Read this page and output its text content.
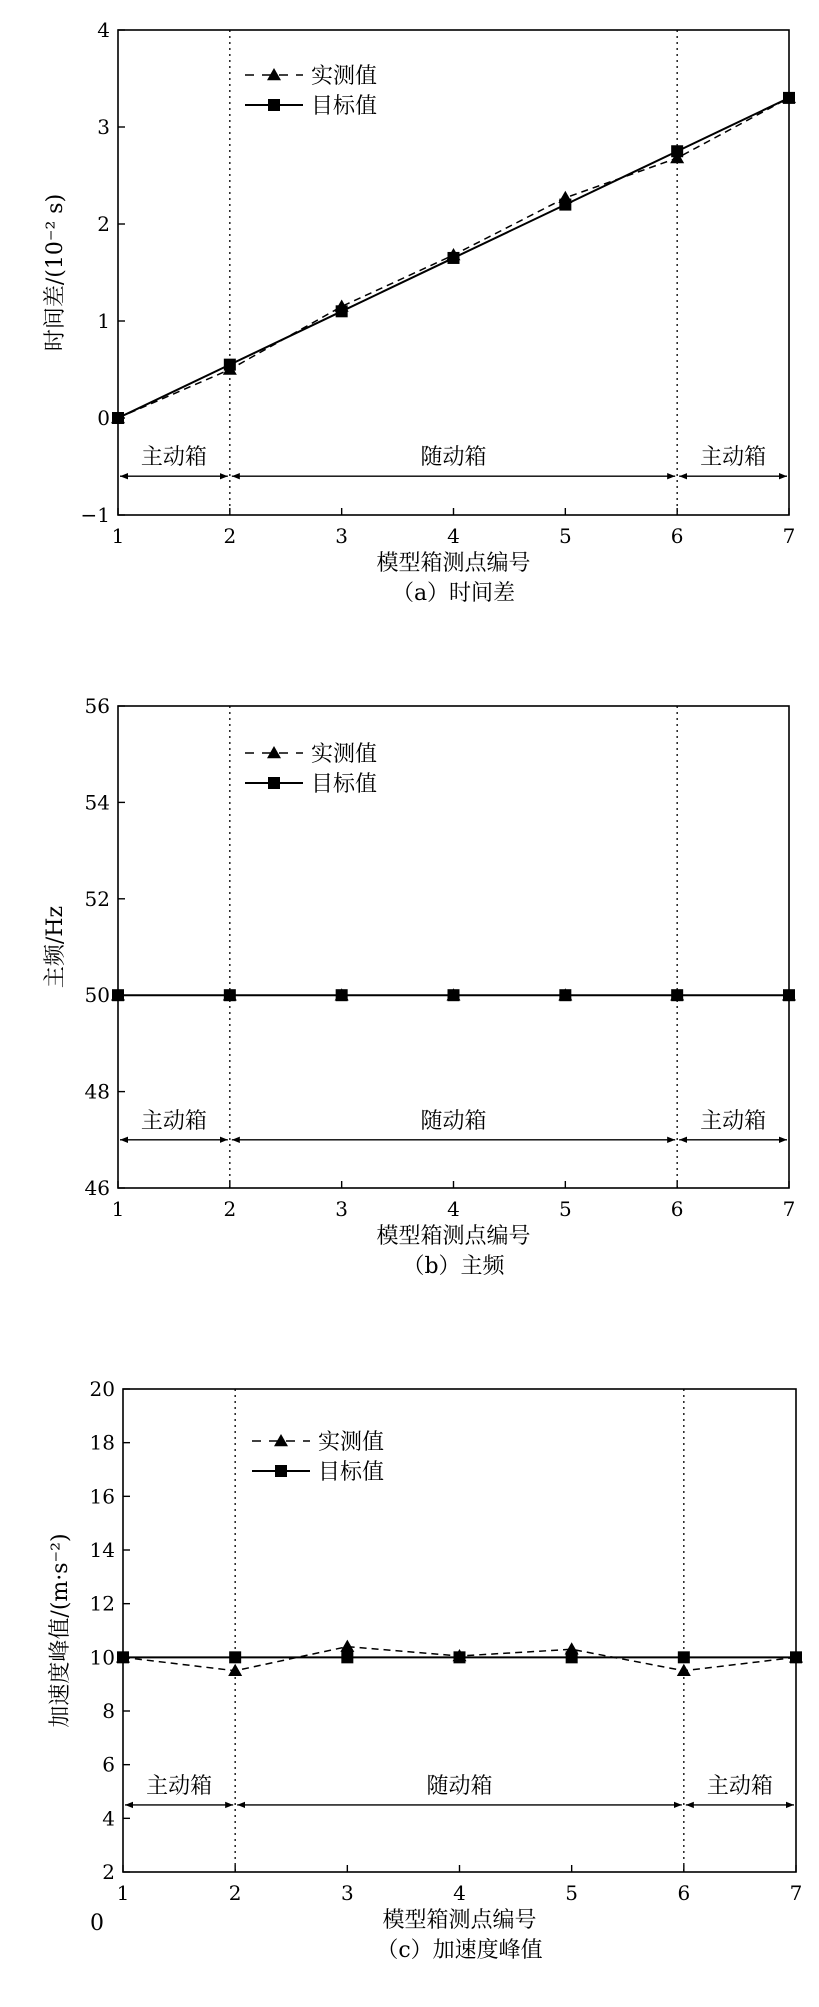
−1
0
1
2
3
4
1	2	3	4	5	6	7
模型箱测点编号
时间差/(10⁻² s)
（a）时间差
主动箱	随动箱	主动箱
实测值
目标值
46
48
50
52
54
56
1	2	3	4	5	6	7
模型箱测点编号
主频/Hz
（b）主频
主动箱	随动箱	主动箱
实测值
目标值
2
4
6
8
10
12
14
16
18
20
1	2	3	4	5	6	7
模型箱测点编号
加速度峰值/(m·s⁻²)
（c）加速度峰值
0
主动箱	随动箱	主动箱
实测值
目标值
